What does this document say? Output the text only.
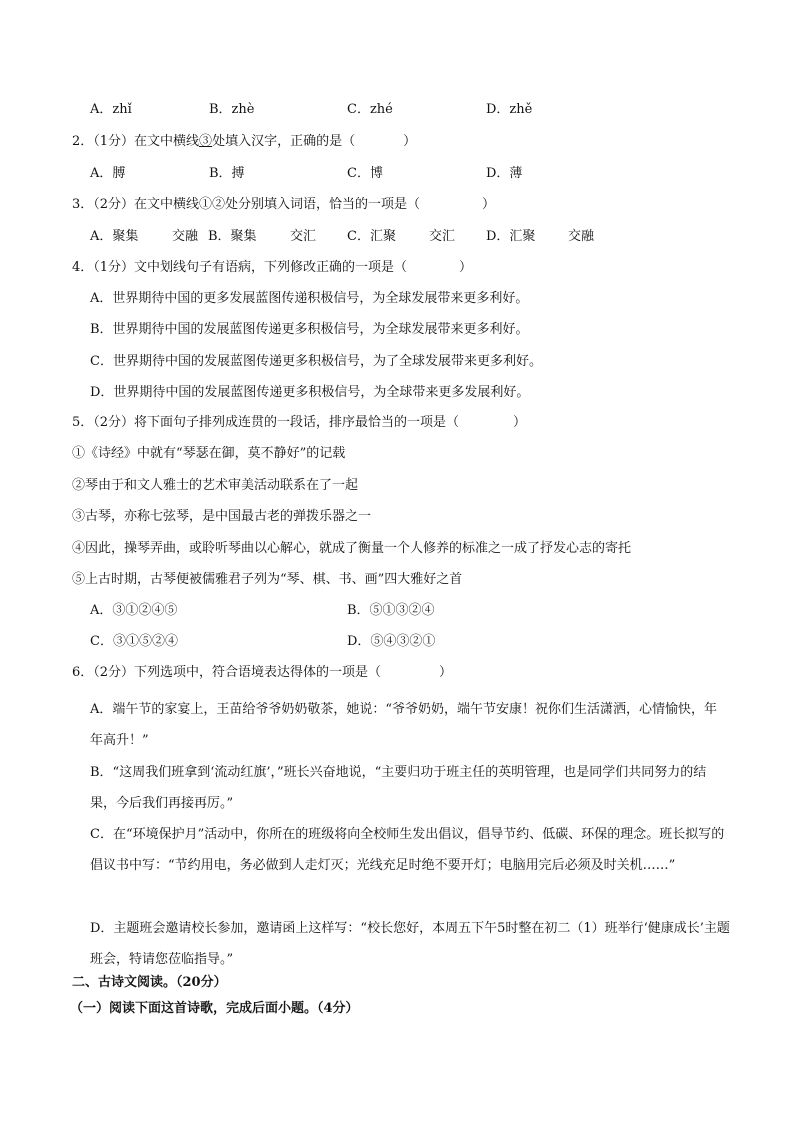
A．zhǐ	B．zhè	C．zhé	D．zhě
2．（1分）在文中横线③处填入汉字，正确的是（	）
A．膊	B．搏	C．博	D．薄
3．（2分）在文中横线①②处分别填入词语，恰当的一项是（	）
A．聚集	交融 B．聚集	交汇 C．汇聚	交汇 D．汇聚	交融
4．（1分）文中划线句子有语病，下列修改正确的一项是（	）
A．世界期待中国的更多发展蓝图传递积极信号，为全球发展带来更多利好。
B．世界期待中国的发展蓝图传递更多积极信号，为全球发展带来更多利好。
C．世界期待中国的发展蓝图传递更多积极信号，为了全球发展带来更多利好。
D．世界期待中国的发展蓝图传递更多积极信号，为全球带来更多发展利好。
5．（2分）将下面句子排列成连贯的一段话，排序最恰当的一项是（	）
①《诗经》中就有“琴瑟在御，莫不静好”的记载
②琴由于和文人雅士的艺术审美活动联系在了一起
③古琴，亦称七弦琴，是中国最古老的弹拨乐器之一
④因此，操琴弄曲，或聆听琴曲以心解心，就成了衡量一个人修养的标准之一成了抒发心志的寄托
⑤上古时期，古琴便被儒雅君子列为“琴、棋、书、画”四大雅好之首
A．③①②④⑤	B．⑤①③②④
C．③①⑤②④	D．⑤④③②①
6．（2分）下列选项中，符合语境表达得体的一项是（	）
A．端午节的家宴上，王苗给爷爷奶奶敬茶，她说：“爷爷奶奶，端午节安康！祝你们生活潇洒，心情愉快，年年高升！”
B．“这周我们班拿到‘流动红旗’，”班长兴奋地说，“主要归功于班主任的英明管理，也是同学们共同努力的结果，今后我们再接再厉。”
C．在“环境保护月”活动中，你所在的班级将向全校师生发出倡议，倡导节约、低碳、环保的理念。班长拟写的倡议书中写：“节约用电，务必做到人走灯灭；光线充足时绝不要开灯；电脑用完后必须及时关机……”
D．主题班会邀请校长参加，邀请函上这样写：“校长您好，本周五下午5时整在初二（1）班举行‘健康成长’主题班会，特请您莅临指导。”
二、古诗文阅读。（20分）
（一）阅读下面这首诗歌，完成后面小题。（4分）
